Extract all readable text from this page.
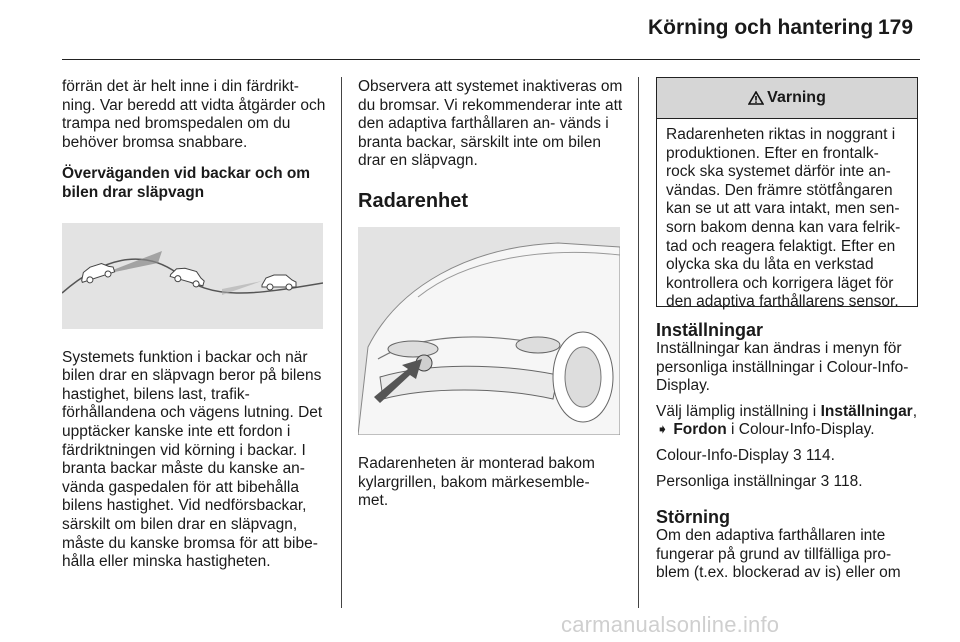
Körning och hantering 179

förrän det är helt inne i din färdrikt- ning. Var beredd att vidta åtgärder och trampa ned bromspedalen om du behöver bromsa snabbare.

Överväganden vid backar och om
bilen drar släpvagn

Systemets funktion i backar och när bilen drar en släpvagn beror på bilens hastighet, bilens last, trafik- förhållandena och vägens lutning. Det upptäcker kanske inte ett fordon i färdriktningen vid körning i backar. I branta backar måste du kanske an- vända gaspedalen för att bibehålla bilens hastighet. Vid nedförsbackar, särskilt om bilen drar en släpvagn, måste du kanske bromsa för att bibe- hålla eller minska hastigheten.

Observera att systemet inaktiveras om du bromsar. Vi rekommenderar inte att den adaptiva farthållaren an- vänds i branta backar, särskilt inte om bilen drar en släpvagn.

Radarenhet

Radarenheten är monterad bakom kylargrillen, bakom märkesemble- met.

Varning
Radarenheten riktas in noggrant i produktionen. Efter en frontalk- rock ska systemet därför inte an- vändas. Den främre stötfångaren kan se ut att vara intakt, men sen- sorn bakom denna kan vara felrik- tad och reagera felaktigt. Efter en olycka ska du låta en verkstad kontrollera och korrigera läget för den adaptiva farthållarens sensor.
Inställningar

Inställningar kan ändras i menyn för personliga inställningar i Colour-Info- Display.

Välj lämplig inställning i Inställningar,
➧ Fordon i Colour-Info-Display.

Colour-Info-Display 3 114.

Personliga inställningar 3 118.

Störning

Om den adaptiva farthållaren inte fungerar på grund av tillfälliga pro- blem (t.ex. blockerad av is) eller om

carmanualsonline.info
